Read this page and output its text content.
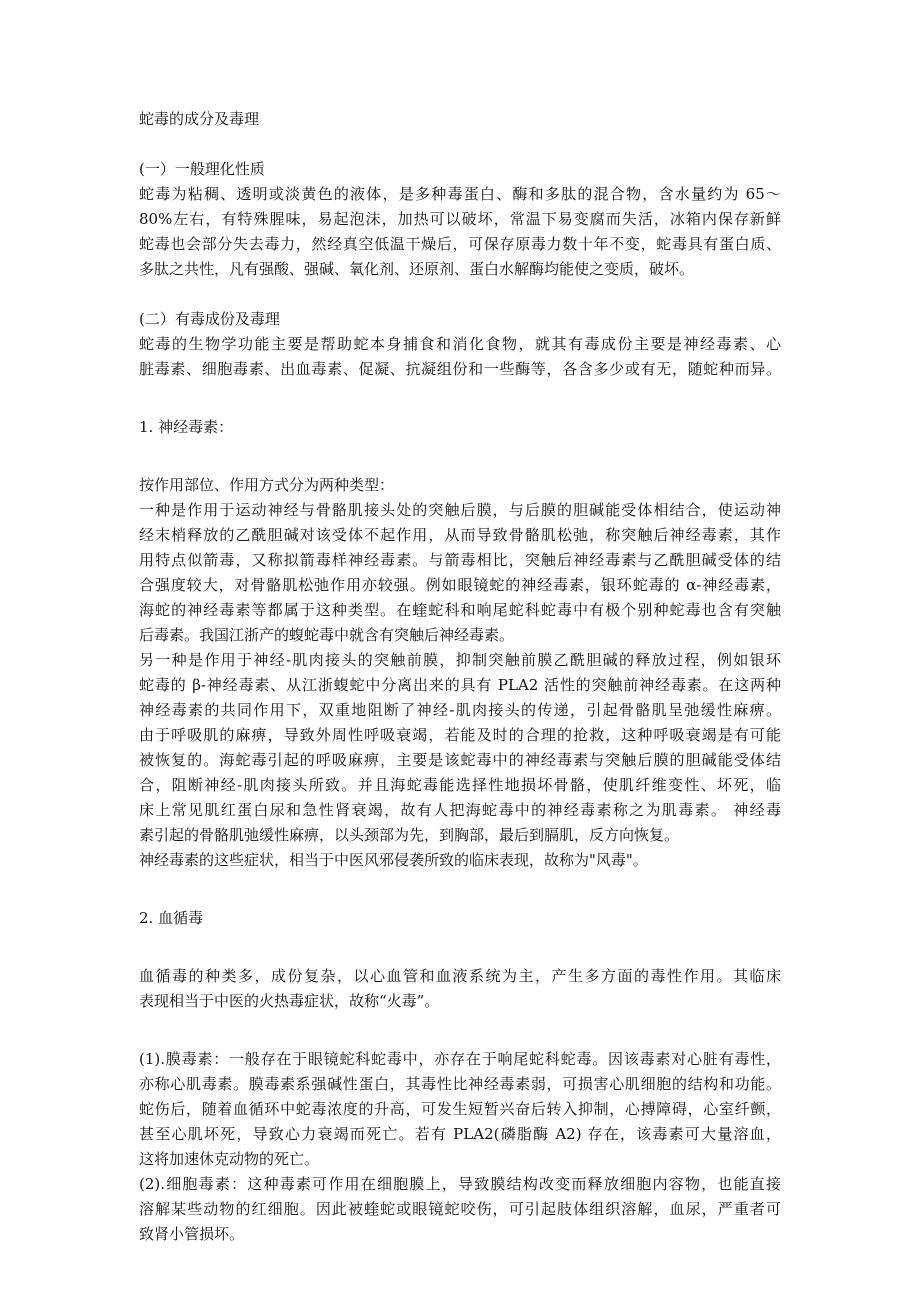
蛇毒的成分及毒理
(一）一般理化性质
蛇毒为粘稠、透明或淡黄色的液体，是多种毒蛋白、酶和多肽的混合物，含水量约为 65～
80%左右，有特殊腥味，易起泡沫，加热可以破坏，常温下易变腐而失活，冰箱内保存新鲜
蛇毒也会部分失去毒力，然经真空低温干燥后，可保存原毒力数十年不变，蛇毒具有蛋白质、
多肽之共性，凡有强酸、强碱、氧化剂、还原剂、蛋白水解酶均能使之变质，破坏。
(二）有毒成份及毒理
蛇毒的生物学功能主要是帮助蛇本身捕食和消化食物，就其有毒成份主要是神经毒素、心
脏毒素、细胞毒素、出血毒素、促凝、抗凝组份和一些酶等，各含多少或有无，随蛇种而异。
1. 神经毒素：
按作用部位、作用方式分为两种类型：
一种是作用于运动神经与骨骼肌接头处的突触后膜，与后膜的胆碱能受体相结合，使运动神
经末梢释放的乙酰胆碱对该受体不起作用，从而导致骨骼肌松弛，称突触后神经毒素，其作
用特点似箭毒，又称拟箭毒样神经毒素。与箭毒相比，突触后神经毒素与乙酰胆碱受体的结
合强度较大，对骨骼肌松弛作用亦较强。例如眼镜蛇的神经毒素，银环蛇毒的 α-神经毒素，
海蛇的神经毒素等都属于这种类型。在蝰蛇科和响尾蛇科蛇毒中有极个别种蛇毒也含有突触
后毒素。我国江浙产的蝮蛇毒中就含有突触后神经毒素。
另一种是作用于神经-肌肉接头的突触前膜，抑制突触前膜乙酰胆碱的释放过程，例如银环
蛇毒的 β-神经毒素、从江浙蝮蛇中分离出来的具有 PLA2 活性的突触前神经毒素。在这两种
神经毒素的共同作用下，双重地阻断了神经-肌肉接头的传递，引起骨骼肌呈弛缓性麻痹。
由于呼吸肌的麻痹，导致外周性呼吸衰竭，若能及时的合理的抢救，这种呼吸衰竭是有可能
被恢复的。海蛇毒引起的呼吸麻痹，主要是该蛇毒中的神经毒素与突触后膜的胆碱能受体结
合，阻断神经-肌肉接头所致。并且海蛇毒能选择性地损坏骨骼，使肌纤维变性、坏死，临
床上常见肌红蛋白尿和急性肾衰竭，故有人把海蛇毒中的神经毒素称之为肌毒素。 神经毒
素引起的骨骼肌弛缓性麻痹，以头颈部为先，到胸部，最后到膈肌，反方向恢复。
神经毒素的这些症状，相当于中医风邪侵袭所致的临床表现，故称为"风毒"。
2. 血循毒
血循毒的种类多，成份复杂，以心血管和血液系统为主，产生多方面的毒性作用。其临床
表现相当于中医的火热毒症状，故称“火毒”。
(1).膜毒素：一般存在于眼镜蛇科蛇毒中，亦存在于响尾蛇科蛇毒。因该毒素对心脏有毒性，
亦称心肌毒素。膜毒素系强碱性蛋白，其毒性比神经毒素弱，可损害心肌细胞的结构和功能。
蛇伤后，随着血循环中蛇毒浓度的升高，可发生短暂兴奋后转入抑制，心搏障碍，心室纤颤，
甚至心肌坏死，导致心力衰竭而死亡。若有 PLA2(磷脂酶 A2) 存在，该毒素可大量溶血，
这将加速休克动物的死亡。
(2).细胞毒素：这种毒素可作用在细胞膜上，导致膜结构改变而释放细胞内容物，也能直接
溶解某些动物的红细胞。因此被蝰蛇或眼镜蛇咬伤，可引起肢体组织溶解，血尿，严重者可
致肾小管损坏。
